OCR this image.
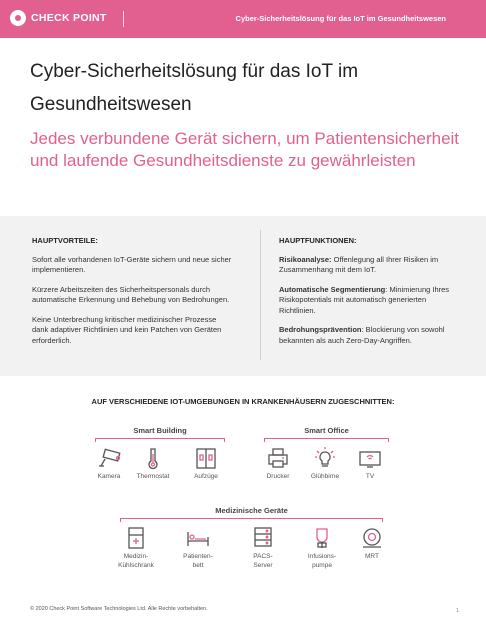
CHECK POINT	Cyber-Sicherheitslösung für das IoT im Gesundheitswesen
Cyber-Sicherheitslösung für das IoT im Gesundheitswesen
Jedes verbundene Gerät sichern, um Patientensicherheit und laufende Gesundheitsdienste zu gewährleisten
HAUPTVORTEILE:

Sofort alle vorhandenen IoT-Geräte sichern und neue sicher implementieren.

Kürzere Arbeitszeiten des Sicherheitspersonals durch automatische Erkennung und Behebung von Bedrohungen.

Keine Unterbrechung kritischer medizinischer Prozesse dank adaptiver Richtlinien und kein Patchen von Geräten erforderlich.

HAUPTFUNKTIONEN:

Risikoanalyse: Offenlegung all Ihrer Risiken im Zusammenhang mit dem IoT.

Automatische Segmentierung: Minimierung Ihres Risikopotentials mit automatisch generierten Richtlinien.

Bedrohungsprävention: Blockierung von sowohl bekannten als auch Zero-Day-Angriffen.

AUF VERSCHIEDENE IOT-UMGEBUNGEN IN KRANKENHÄUSERN ZUGESCHNITTEN:
Smart Building
Kamera	Thermostat	Aufzüge
Smart Office
Drucker	Glühbirne	TV
Medizinische Geräte
Medizin-
Kühlschrank
Patienten-
bett
PACS-
Server
Infusions-
pumpe
MRT
© 2020 Check Point Software Technologies Ltd. Alle Rechte vorbehalten.	1
